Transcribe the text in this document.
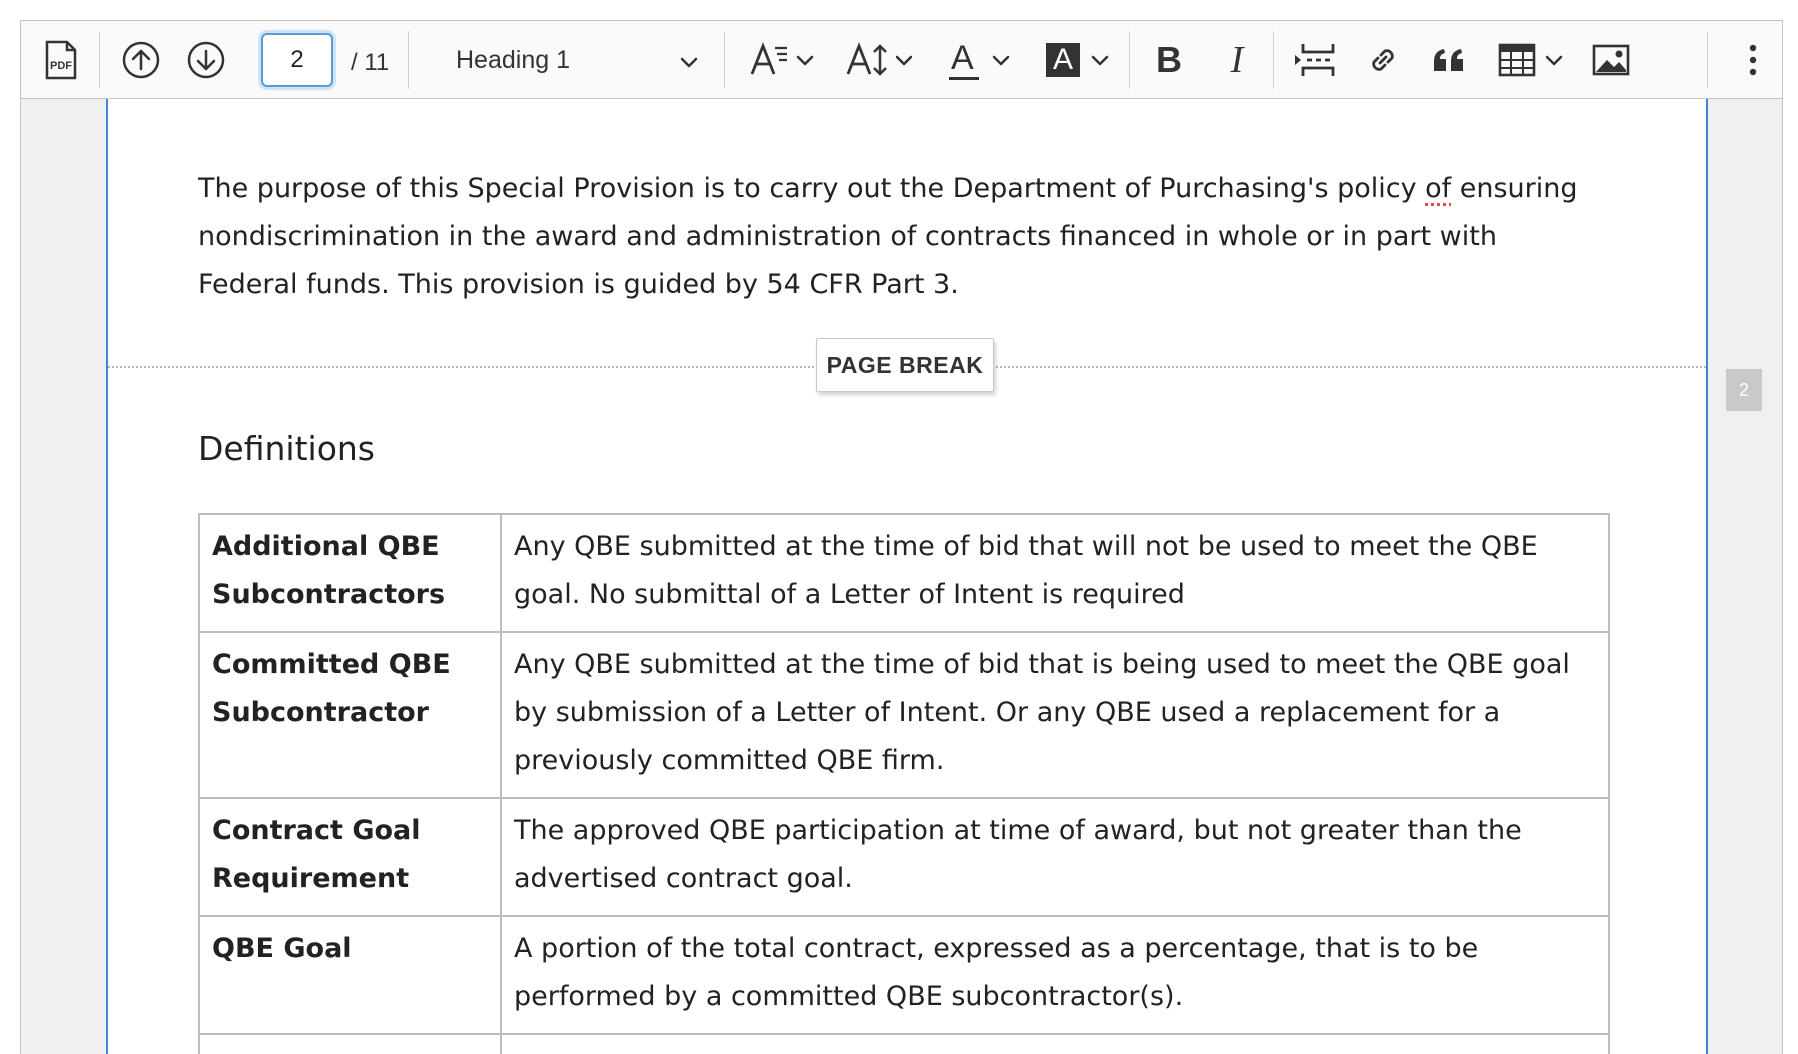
PDF
2	/ 11	Heading 1	A	A B I

The purpose of this Special Provision is to carry out the Department of Purchasing's policy of ensuring nondiscrimination in the award and administration of contracts financed in whole or in part with Federal funds. This provision is guided by 54 CFR Part 3.

PAGE BREAK
Definitions
Additional QBE Subcontractors	Any QBE submitted at the time of bid that will not be used to meet the QBE goal. No submittal of a Letter of Intent is required
Committed QBE Subcontractor	Any QBE submitted at the time of bid that is being used to meet the QBE goal by submission of a Letter of Intent. Or any QBE used a replacement for a previously committed QBE firm.
Contract Goal Requirement	The approved QBE participation at time of award, but not greater than the advertised contract goal.
QBE Goal	A portion of the total contract, expressed as a percentage, that is to be performed by a committed QBE subcontractor(s).

2
